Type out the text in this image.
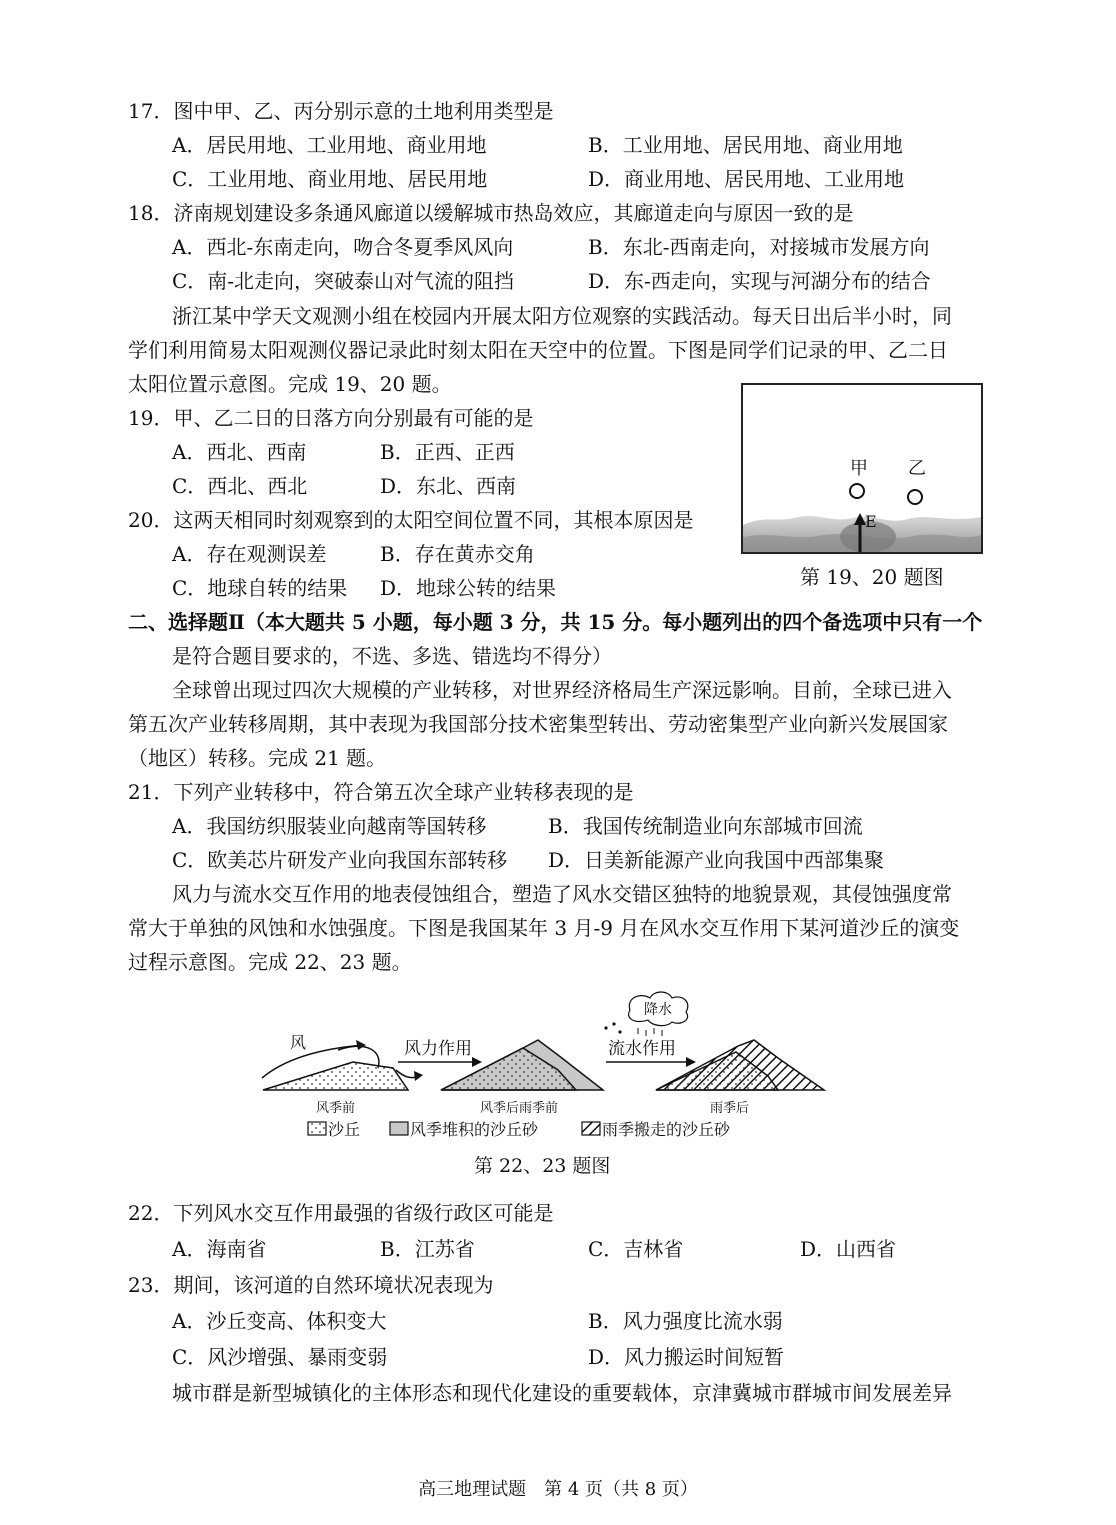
17．图中甲、乙、丙分别示意的土地利用类型是
A．居民用地、工业用地、商业用地	B．工业用地、居民用地、商业用地
C．工业用地、商业用地、居民用地	D．商业用地、居民用地、工业用地
18．济南规划建设多条通风廊道以缓解城市热岛效应，其廊道走向与原因一致的是
A．西北-东南走向，吻合冬夏季风风向	B．东北-西南走向，对接城市发展方向
C．南-北走向，突破泰山对气流的阻挡	D．东-西走向，实现与河湖分布的结合
浙江某中学天文观测小组在校园内开展太阳方位观察的实践活动。每天日出后半小时，同
学们利用简易太阳观测仪器记录此时刻太阳在天空中的位置。下图是同学们记录的甲、乙二日
太阳位置示意图。完成 19、20 题。
19．甲、乙二日的日落方向分别最有可能的是
A．西北、西南	B．正西、正西
C．西北、西北	D．东北、西南
20．这两天相同时刻观察到的太阳空间位置不同，其根本原因是
A．存在观测误差	B．存在黄赤交角
C．地球自转的结果 D．地球公转的结果
甲 乙
E
第 19、20 题图
二、选择题Ⅱ（本大题共 5 小题，每小题 3 分，共 15 分。每小题列出的四个备选项中只有一个
是符合题目要求的，不选、多选、错选均不得分）
全球曾出现过四次大规模的产业转移，对世界经济格局生产深远影响。目前，全球已进入
第五次产业转移周期，其中表现为我国部分技术密集型转出、劳动密集型产业向新兴发展国家
（地区）转移。完成 21 题。
21．下列产业转移中，符合第五次全球产业转移表现的是
A．我国纺织服装业向越南等国转移	B．我国传统制造业向东部城市回流
C．欧美芯片研发产业向我国东部转移 D．日美新能源产业向我国中西部集聚
风力与流水交互作用的地表侵蚀组合，塑造了风水交错区独特的地貌景观，其侵蚀强度常
常大于单独的风蚀和水蚀强度。下图是我国某年 3 月-9 月在风水交互作用下某河道沙丘的演变
过程示意图。完成 22、23 题。
风	风力作用
降水
流水作用
风季前	风季后雨季前	雨季后
沙丘	风季堆积的沙丘砂	雨季搬走的沙丘砂
第 22、23 题图
22．下列风水交互作用最强的省级行政区可能是
A．海南省	B．江苏省	C．吉林省	D．山西省
23．期间，该河道的自然环境状况表现为
A．沙丘变高、体积变大	B．风力强度比流水弱
C．风沙增强、暴雨变弱	D．风力搬运时间短暂
城市群是新型城镇化的主体形态和现代化建设的重要载体，京津冀城市群城市间发展差异
高三地理试题　第 4 页（共 8 页）
